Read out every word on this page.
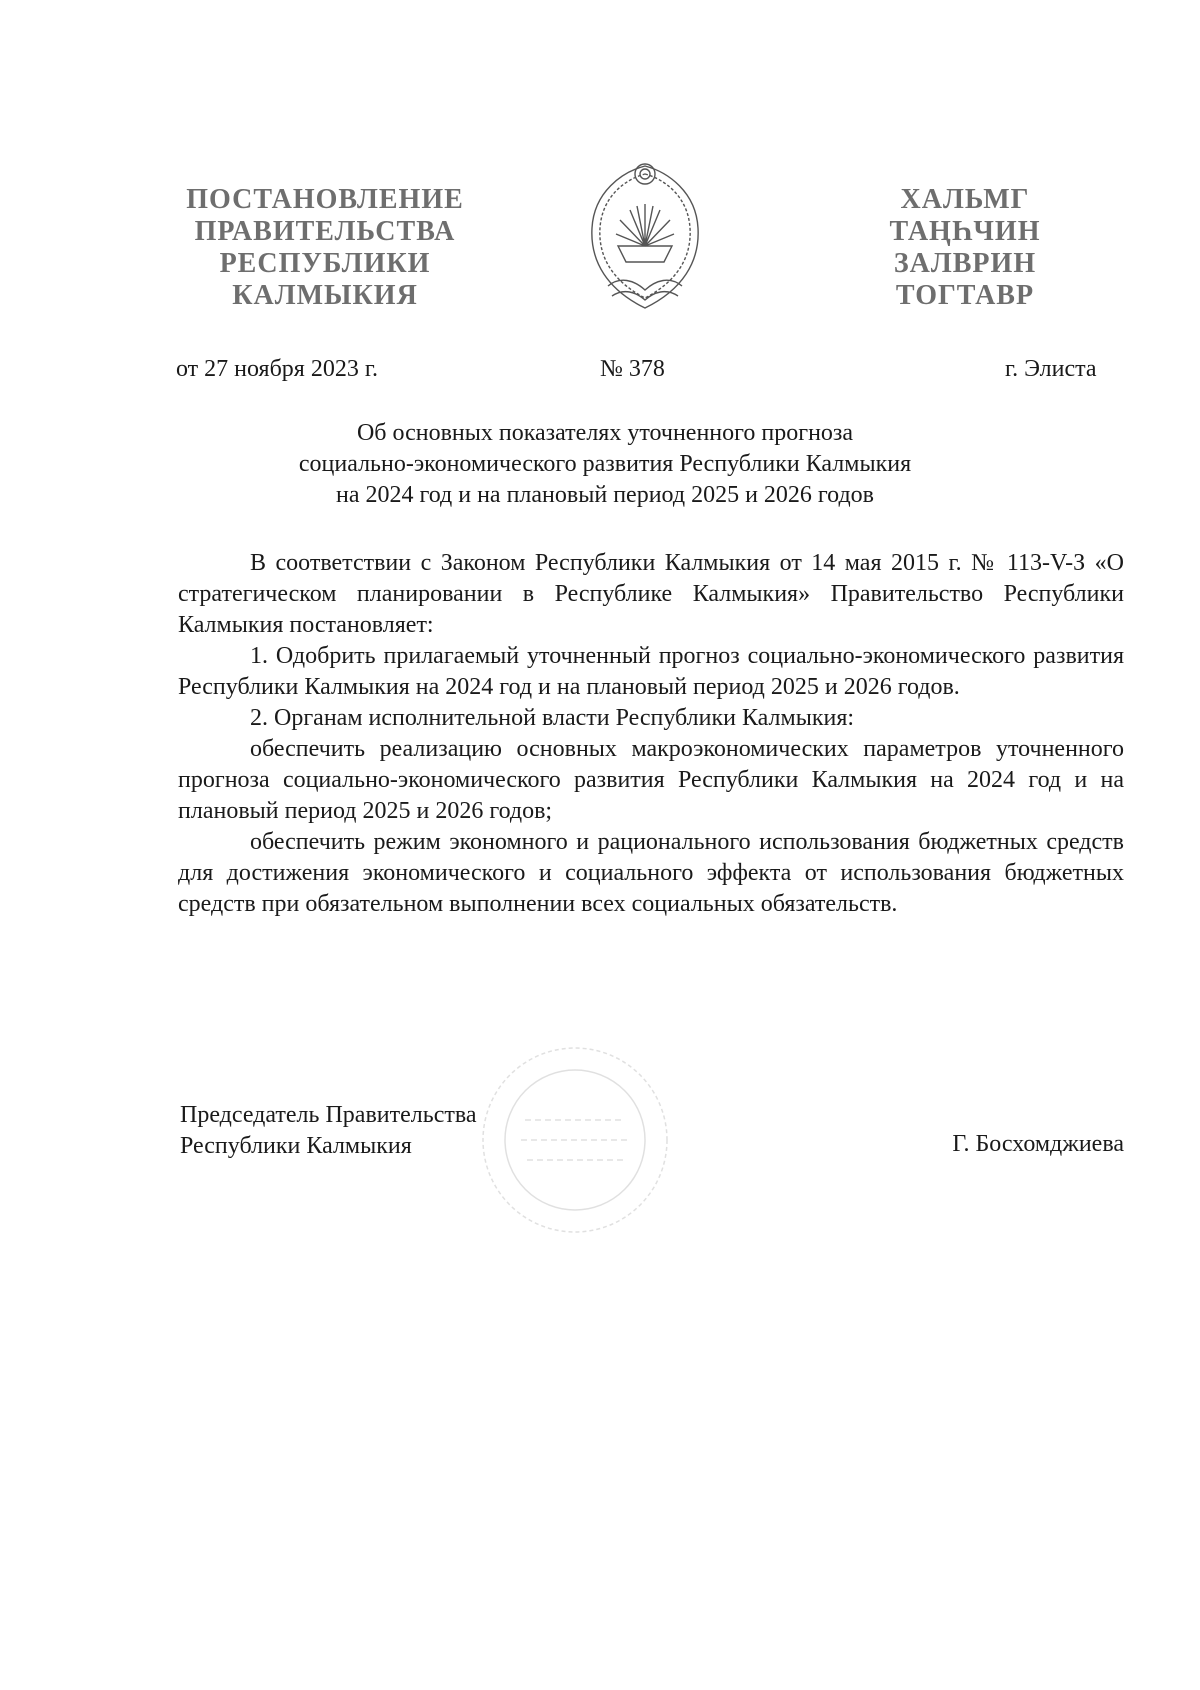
ПОСТАНОВЛЕНИЕ
ПРАВИТЕЛЬСТВА
РЕСПУБЛИКИ
КАЛМЫКИЯ
ХАЛЬМГ
ТАҢҺЧИН
ЗАЛВРИН
ТОГТАВР
от 27 ноября 2023 г.	№ 378	г. Элиста
Об основных показателях уточненного прогноза
социально-экономического развития Республики Калмыкия
на 2024 год и на плановый период 2025 и 2026 годов
В соответствии с Законом Республики Калмыкия от 14 мая 2015 г. № 113-V-З «О стратегическом планировании в Республике Калмыкия» Правительство Республики Калмыкия постановляет:
1. Одобрить прилагаемый уточненный прогноз социально-экономического развития Республики Калмыкия на 2024 год и на плановый период 2025 и 2026 годов.
2. Органам исполнительной власти Республики Калмыкия:
обеспечить реализацию основных макроэкономических параметров уточненного прогноза социально-экономического развития Республики Калмыкия на 2024 год и на плановый период 2025 и 2026 годов;
обеспечить режим экономного и рационального использования бюджетных средств для достижения экономического и социального эффекта от использования бюджетных средств при обязательном выполнении всех социальных обязательств.
Председатель Правительства
Республики Калмыкия	Г. Босхомджиева
